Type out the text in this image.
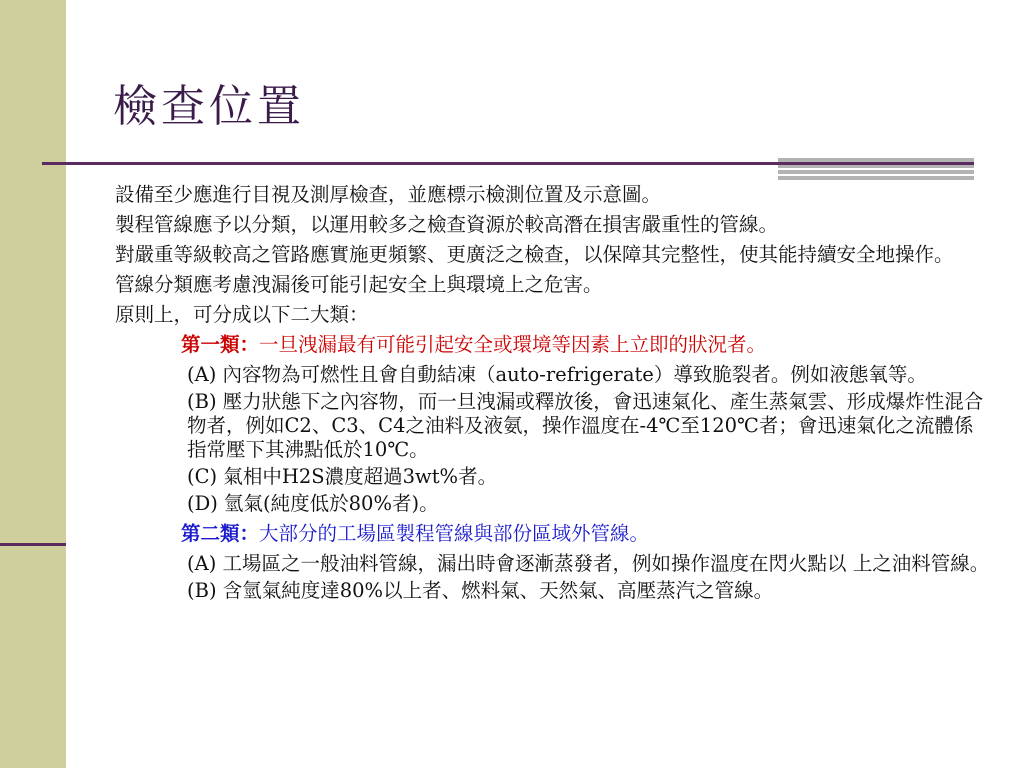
檢查位置

設備至少應進行目視及測厚檢查，並應標示檢測位置及示意圖。

製程管線應予以分類，以運用較多之檢查資源於較高潛在損害嚴重性的管線。

對嚴重等級較高之管路應實施更頻繁、更廣泛之檢查，以保障其完整性，使其能持續安全地操作。

管線分類應考慮洩漏後可能引起安全上與環境上之危害。

原則上，可分成以下二大類：

第一類：一旦洩漏最有可能引起安全或環境等因素上立即的狀況者。

(A) 內容物為可燃性且會自動結凍（auto-refrigerate）導致脆裂者。例如液態氧等。

(B) 壓力狀態下之內容物，而一旦洩漏或釋放後，會迅速氣化、產生蒸氣雲、形成爆炸性混合物者，例如C2、C3、C4之油料及液氨，操作溫度在-4℃至120℃者；會迅速氣化之流體係指常壓下其沸點低於10℃。

(C) 氣相中H2S濃度超過3wt%者。

(D) 氫氣(純度低於80%者)。

第二類：大部分的工場區製程管線與部份區域外管線。

(A) 工場區之一般油料管線，漏出時會逐漸蒸發者，例如操作溫度在閃火點以 上之油料管線。

(B) 含氫氣純度達80%以上者、燃料氣、天然氣、高壓蒸汽之管線。
